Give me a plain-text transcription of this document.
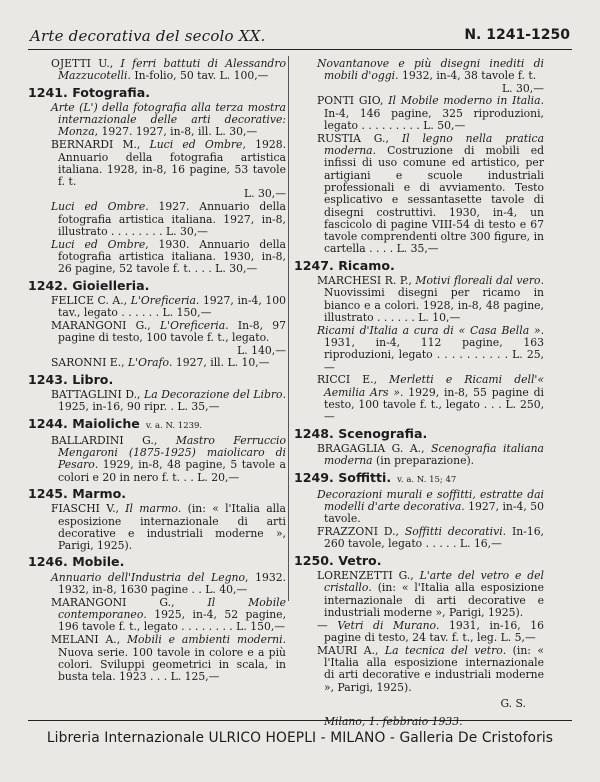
Arte decorativa del secolo XX.	N. 1241-1250
OJETTI U., I ferri battuti di Alessandro Mazzucotelli. In-folio, 50 tav. L. 100,—
1241. Fotografia.
Arte (L') della fotografia alla terza mostra internazionale delle arti decorative: Monza, 1927. 1927, in-8, ill. L. 30,—
BERNARDI M., Luci ed Ombre, 1928. Annuario della fotografia artistica italiana. 1928, in-8, 16 pagine, 53 tavole f. t.
L. 30,—
Luci ed Ombre. 1927. Annuario della fotografia artistica italiana. 1927, in-8, illustrato . . . . . . . . L. 30,—
Luci ed Ombre, 1930. Annuario della fotografia artistica italiana. 1930, in-8, 26 pagine, 52 tavole f. t. . . . L. 30,—
1242. Gioielleria.
FELICE C. A., L'Oreficeria. 1927, in-4, 100 tav., legato . . . . . . L. 150,—
MARANGONI G., L'Oreficeria. In-8, 97 pagine di testo, 100 tavole f. t., legato.
L. 140,—
SARONNI E., L'Orafo. 1927, ill. L. 10,—
1243. Libro.
BATTAGLINI D., La Decorazione del Libro. 1925, in-16, 90 ripr. . L. 35,—
1244. Maioliche v. a. N. 1239.
BALLARDINI G., Mastro Ferruccio Mengaroni (1875-1925) maiolicaro di Pesaro. 1929, in-8, 48 pagine, 5 tavole a colori e 20 in nero f. t. . . L. 20,—
1245. Marmo.
FIASCHI V., Il marmo. (in: « l'Italia alla esposizione internazionale di arti decorative e industriali moderne », Parigi, 1925).
1246. Mobile.
Annuario dell'Industria del Legno, 1932. 1932, in-8, 1630 pagine . . L. 40,—
MARANGONI G., Il Mobile contemporaneo. 1925, in-4, 52 pagine, 196 tavole f. t., legato . . . . . . . . L. 150,—
MELANI A., Mobili e ambienti moderni. Nuova serie. 100 tavole in colore e a più colori. Sviluppi geometrici in scala, in busta tela. 1923 . . . L. 125,—
Novantanove e più disegni inediti di mobili d'oggi. 1932, in-4, 38 tavole f. t.
L. 30,—
PONTI GIO, Il Mobile moderno in Italia. In-4, 146 pagine, 325 riproduzioni, legato . . . . . . . . . L. 50,—
RUSTIA G., Il legno nella pratica moderna. Costruzione di mobili ed infissi di uso comune ed artistico, per artigiani e scuole industriali professionali e di avviamento. Testo esplicativo e sessantasette tavole di disegni costruttivi. 1930, in-4, un fascicolo di pagine VIII-54 di testo e 67 tavole comprendenti oltre 300 figure, in cartella . . . . L. 35,—
1247. Ricamo.
MARCHESI R. P., Motivi floreali dal vero. Nuovissimi disegni per ricamo in bianco e a colori. 1928, in-8, 48 pagine, illustrato . . . . . . L. 10,—
Ricami d'Italia a cura di « Casa Bella ». 1931, in-4, 112 pagine, 163 riproduzioni, legato . . . . . . . . . . L. 25,—
RICCI E., Merletti e Ricami dell'« Aemilia Ars ». 1929, in-8, 55 pagine di testo, 100 tavole f. t., legato . . . L. 250,—
1248. Scenografia.
BRAGAGLIA G. A., Scenografia italiana moderna (in preparazione).
1249. Soffitti. v. a. N. 15; 47
Decorazioni murali e soffitti, estratte dai modelli d'arte decorativa. 1927, in-4, 50 tavole.
FRAZZONI D., Soffitti decorativi. In-16, 260 tavole, legato . . . . . L. 16,—
1250. Vetro.
LORENZETTI G., L'arte del vetro e del cristallo. (in: « l'Italia alla esposizione internazionale di arti decorative e industriali moderne », Parigi, 1925).
— Vetri di Murano. 1931, in-16, 16 pagine di testo, 24 tav. f. t., leg. L. 5,—
MAURI A., La tecnica del vetro. (in: « l'Italia alla esposizione internazionale di arti decorative e industriali moderne », Parigi, 1925).
G. S.
Milano, 1. febbraio 1933.
Libreria Internazionale ULRICO HOEPLI - MILANO - Galleria De Cristoforis
